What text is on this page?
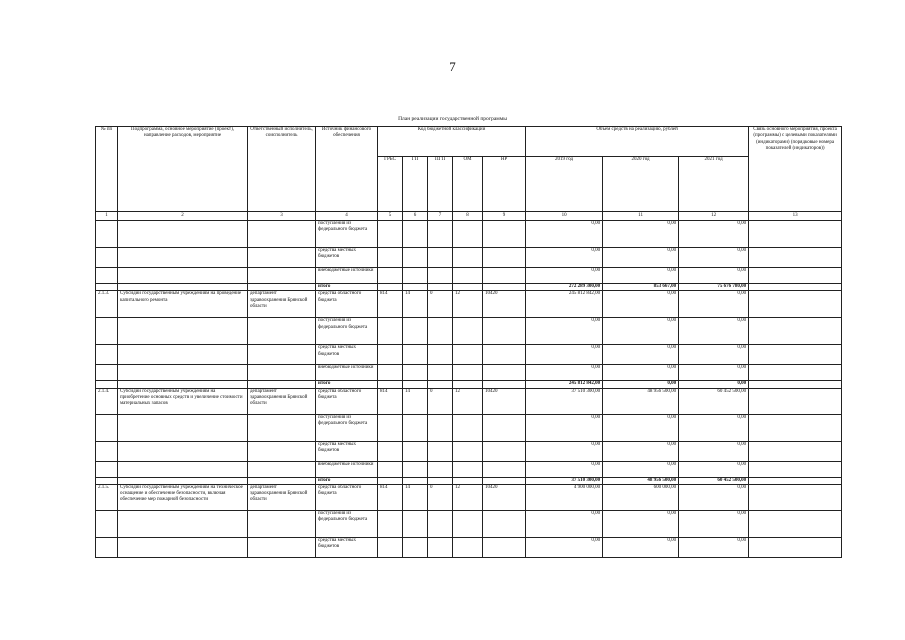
7
План реализации государственной программы
№ пп	Подпрограмма, основное мероприятие (проект), направление расходов, мероприятие	Ответственный исполнитель, соисполнитель	Источник финансового обеспечения	Код бюджетной классификации					Объём средств на реализацию, рублей			Связь основного мероприятия, проекта (программы) с целевыми показателями (индикаторами) (порядковые номера показателей (индикаторов))
				ГРБС	ГП	ПГП	ОМ	НР	2019 год	2020 год	2021 год	
1	2	3	4	5	6	7	8	9	10	11	12	13
			поступления из федерального бюджета						0,00	0,00	0,00	
			средства местных бюджетов						0,00	0,00	0,00	
			внебюджетные источники						0,00	0,00	0,00	
			итого						272 289 300,00	853 667,00	75 676 780,00	
2.1.3.	Субсидии государственным учреждениям на проведение капитального ремонта	департамент здравоохранения Брянской области	средства областного бюджета	814	14	0	12	10420	245 812 842,00	0,00	0,00	
			поступления из федерального бюджета						0,00	0,00	0,00	
			средства местных бюджетов						0,00	0,00	0,00	
			внебюджетные источники						0,00	0,00	0,00	
			итого						245 812 842,00	0,00	0,00	
2.1.4.	Субсидии государственным учреждениям на приобретение основных средств и увеличение стоимости материальных запасов	департамент здравоохранения Брянской области	средства областного бюджета	814	14	0	12	10420	37 510 300,00	48 956 500,00	60 452 500,00	
			поступления из федерального бюджета						0,00	0,00	0,00	
			средства местных бюджетов						0,00	0,00	0,00	
			внебюджетные источники						0,00	0,00	0,00	
			итого						37 510 300,00	48 956 500,00	60 452 500,00	
2.1.5.	Субсидии государственным учреждениям на техническое оснащение и обеспечение безопасности, включая обеспечение мер пожарной безопасности	департамент здравоохранения Брянской области	средства областного бюджета	814	14	0	12	10420	4 900 000,00	600 000,00	0,00	
			поступления из федерального бюджета						0,00	0,00	0,00	
			средства местных бюджетов						0,00	0,00	0,00	
